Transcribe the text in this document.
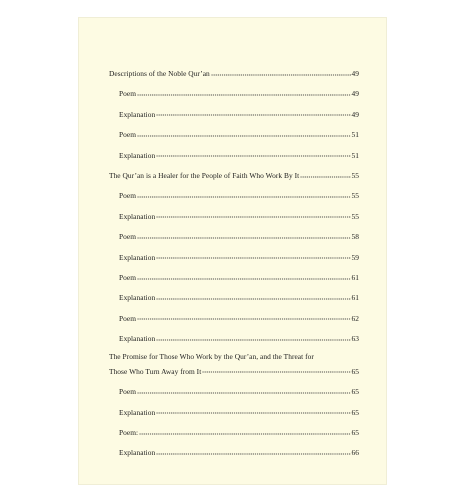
Descriptions of the Noble Qur’an	49
Poem	49
Explanation	49
Poem	51
Explanation	51
The Qur’an is a Healer for the People of Faith Who Work By It	55
Poem	55
Explanation	55
Poem	58
Explanation	59
Poem	61
Explanation	61
Poem	62
Explanation	63
The Promise for Those Who Work by the Qur’an, and the Threat for
Those Who Turn Away from It	65
Poem	65
Explanation	65
Poem:	65
Explanation	66
